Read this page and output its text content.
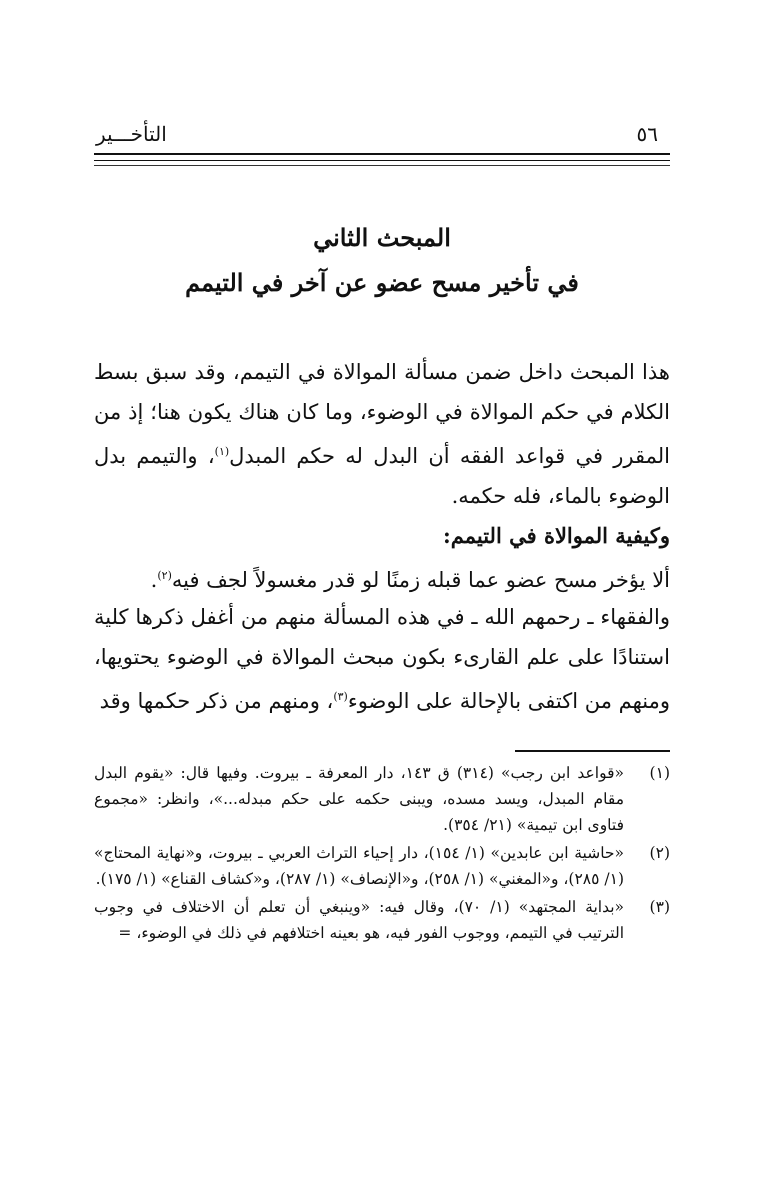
التأخـــير	٥٦
المبحث الثاني
في تأخير مسح عضو عن آخر في التيمم
هذا المبحث داخل ضمن مسألة الموالاة في التيمم، وقد سبق بسط الكلام في حكم الموالاة في الوضوء، وما كان هناك يكون هنا؛ إذ من المقرر في قواعد الفقه أن البدل له حكم المبدل$^{(١)}$، والتيمم بدل الوضوء بالماء، فله حكمه.
وكيفية الموالاة في التيمم:
ألا يؤخر مسح عضو عما قبله زمنًا لو قدر مغسولاً لجف فيه$^{(٢)}$.
والفقهاء ـ رحمهم الله ـ في هذه المسألة منهم من أغفل ذكرها كلية استنادًا على علم القارىء بكون مبحث الموالاة في الوضوء يحتويها، ومنهم من اكتفى بالإحالة على الوضوء$^{(٣)}$، ومنهم من ذكر حكمها وقد
(١)
«قواعد ابن رجب» (٣١٤) ق ١٤٣، دار المعرفة ـ بيروت. وفيها قال: «يقوم البدل مقام المبدل، ويسد مسده، ويبنى حكمه على حكم مبدله...»، وانظر: «مجموع فتاوى ابن تيمية» (٢١/ ٣٥٤).
(٢)
«حاشية ابن عابدين» (١/ ١٥٤)، دار إحياء التراث العربي ـ بيروت، و«نهاية المحتاج» (١/ ٢٨٥)، و«المغني» (١/ ٢٥٨)، و«الإنصاف» (١/ ٢٨٧)، و«كشاف القناع» (١/ ١٧٥).
(٣)
«بداية المجتهد» (١/ ٧٠)، وقال فيه: «وينبغي أن تعلم أن الاختلاف في وجوب الترتيب في التيمم، ووجوب الفور فيه، هو بعينه اختلافهم في ذلك في الوضوء، =
